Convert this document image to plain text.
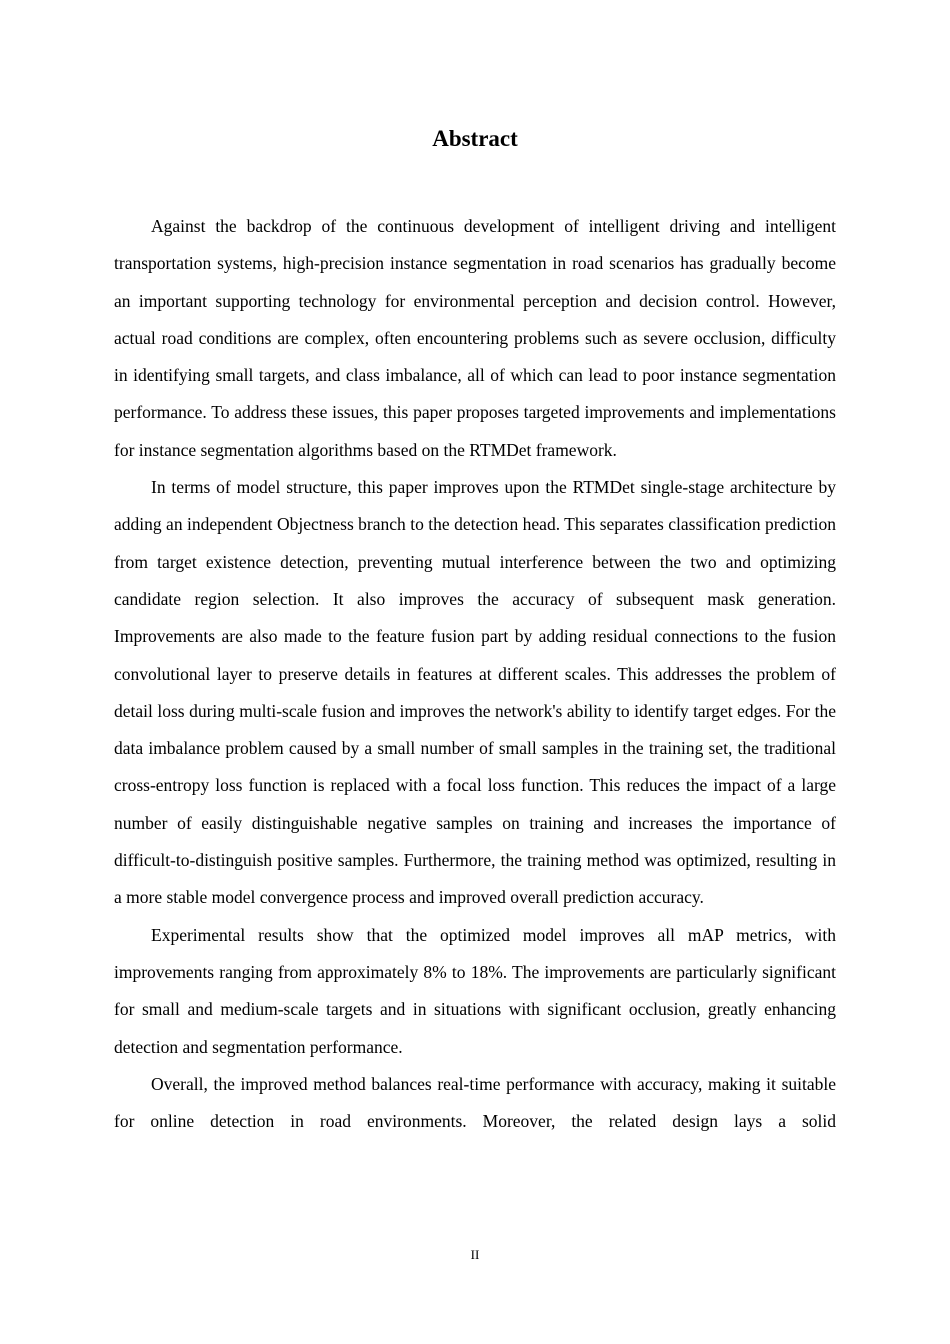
Abstract

Against the backdrop of the continuous development of intelligent driving and intelligent transportation systems, high-precision instance segmentation in road scenarios has gradually become an important supporting technology for environmental perception and decision control. However, actual road conditions are complex, often encountering problems such as severe occlusion, difficulty in identifying small targets, and class imbalance, all of which can lead to poor instance segmentation performance. To address these issues, this paper proposes targeted improvements and implementations for instance segmentation algorithms based on the RTMDet framework.

In terms of model structure, this paper improves upon the RTMDet single-stage architecture by adding an independent Objectness branch to the detection head. This separates classification prediction from target existence detection, preventing mutual interference between the two and optimizing candidate region selection. It also improves the accuracy of subsequent mask generation. Improvements are also made to the feature fusion part by adding residual connections to the fusion convolutional layer to preserve details in features at different scales. This addresses the problem of detail loss during multi-scale fusion and improves the network's ability to identify target edges. For the data imbalance problem caused by a small number of small samples in the training set, the traditional cross-entropy loss function is replaced with a focal loss function. This reduces the impact of a large number of easily distinguishable negative samples on training and increases the importance of difficult-to-distinguish positive samples. Furthermore, the training method was optimized, resulting in a more stable model convergence process and improved overall prediction accuracy.

Experimental results show that the optimized model improves all mAP metrics, with improvements ranging from approximately 8% to 18%. The improvements are particularly significant for small and medium-scale targets and in situations with significant occlusion, greatly enhancing detection and segmentation performance.

Overall, the improved method balances real-time performance with accuracy, making it suitable for online detection in road environments. Moreover, the related design lays a solid

II
